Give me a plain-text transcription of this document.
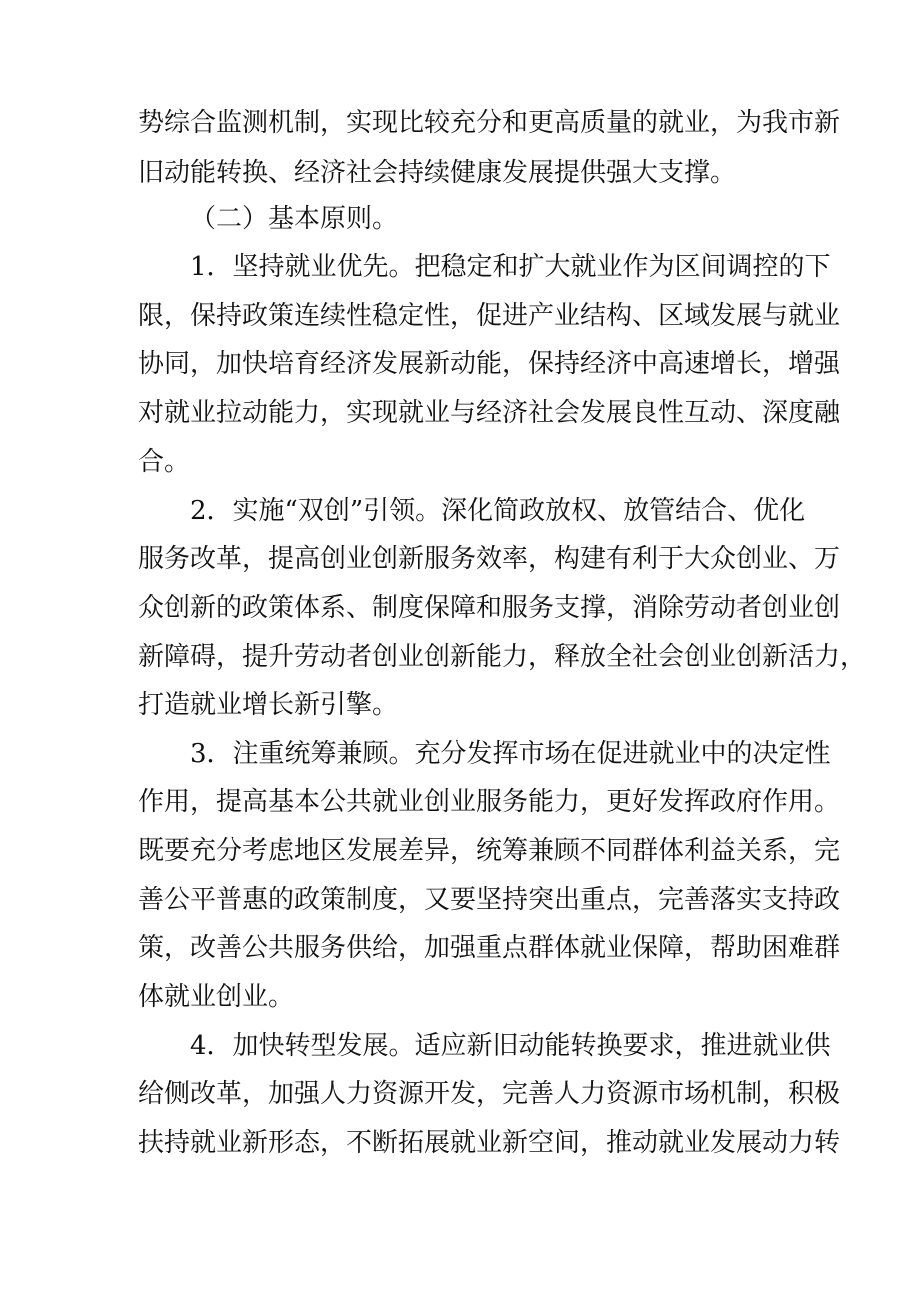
势综合监测机制，实现比较充分和更高质量的就业，为我市新
旧动能转换、经济社会持续健康发展提供强大支撑。
（二）基本原则。
1．坚持就业优先。把稳定和扩大就业作为区间调控的下
限，保持政策连续性稳定性，促进产业结构、区域发展与就业
协同，加快培育经济发展新动能，保持经济中高速增长，增强
对就业拉动能力，实现就业与经济社会发展良性互动、深度融
合。
2．实施“双创”引领。深化简政放权、放管结合、优化
服务改革，提高创业创新服务效率，构建有利于大众创业、万
众创新的政策体系、制度保障和服务支撑，消除劳动者创业创
新障碍，提升劳动者创业创新能力，释放全社会创业创新活力，
打造就业增长新引擎。
3．注重统筹兼顾。充分发挥市场在促进就业中的决定性
作用，提高基本公共就业创业服务能力，更好发挥政府作用。
既要充分考虑地区发展差异，统筹兼顾不同群体利益关系，完
善公平普惠的政策制度，又要坚持突出重点，完善落实支持政
策，改善公共服务供给，加强重点群体就业保障，帮助困难群
体就业创业。
4．加快转型发展。适应新旧动能转换要求，推进就业供
给侧改革，加强人力资源开发，完善人力资源市场机制，积极
扶持就业新形态，不断拓展就业新空间，推动就业发展动力转
